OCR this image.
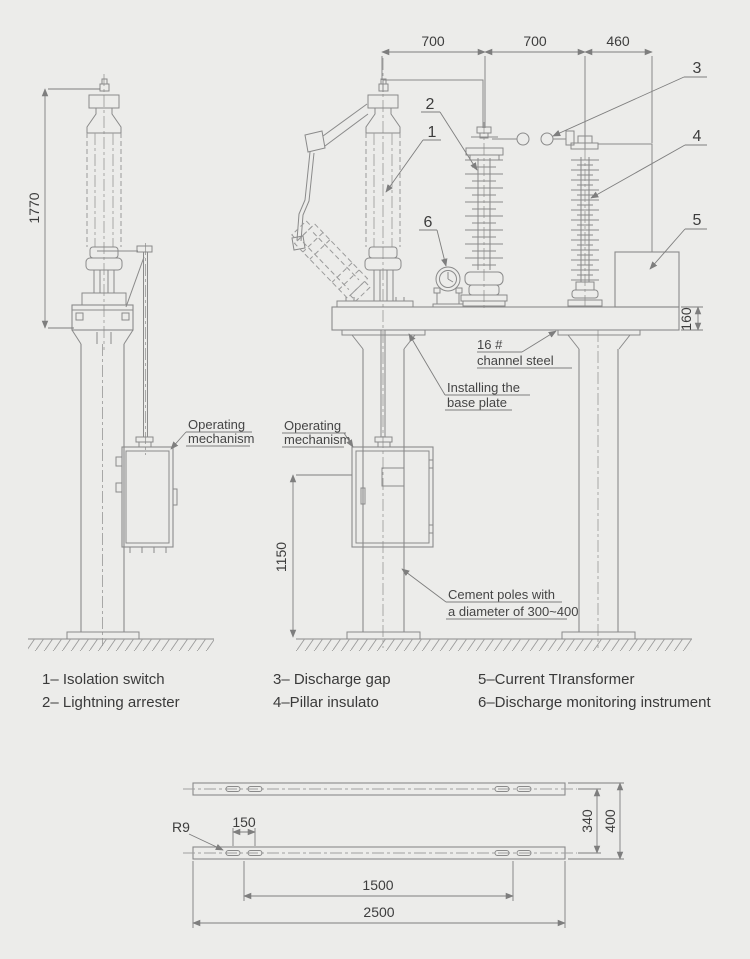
1770
Operating
mechanism
700	700	460
160
1150
1
2
3
4
5
6
16 #
channel steel
Installing the
base plate
Operating
mechanism
Cement poles with
a diameter of 300~400
1– Isolation switch
2– Lightning arrester
3– Discharge gap
4–Pillar insulato
5–Current TIransformer
6–Discharge monitoring instrument
R9	150	340 400
1500
2500
